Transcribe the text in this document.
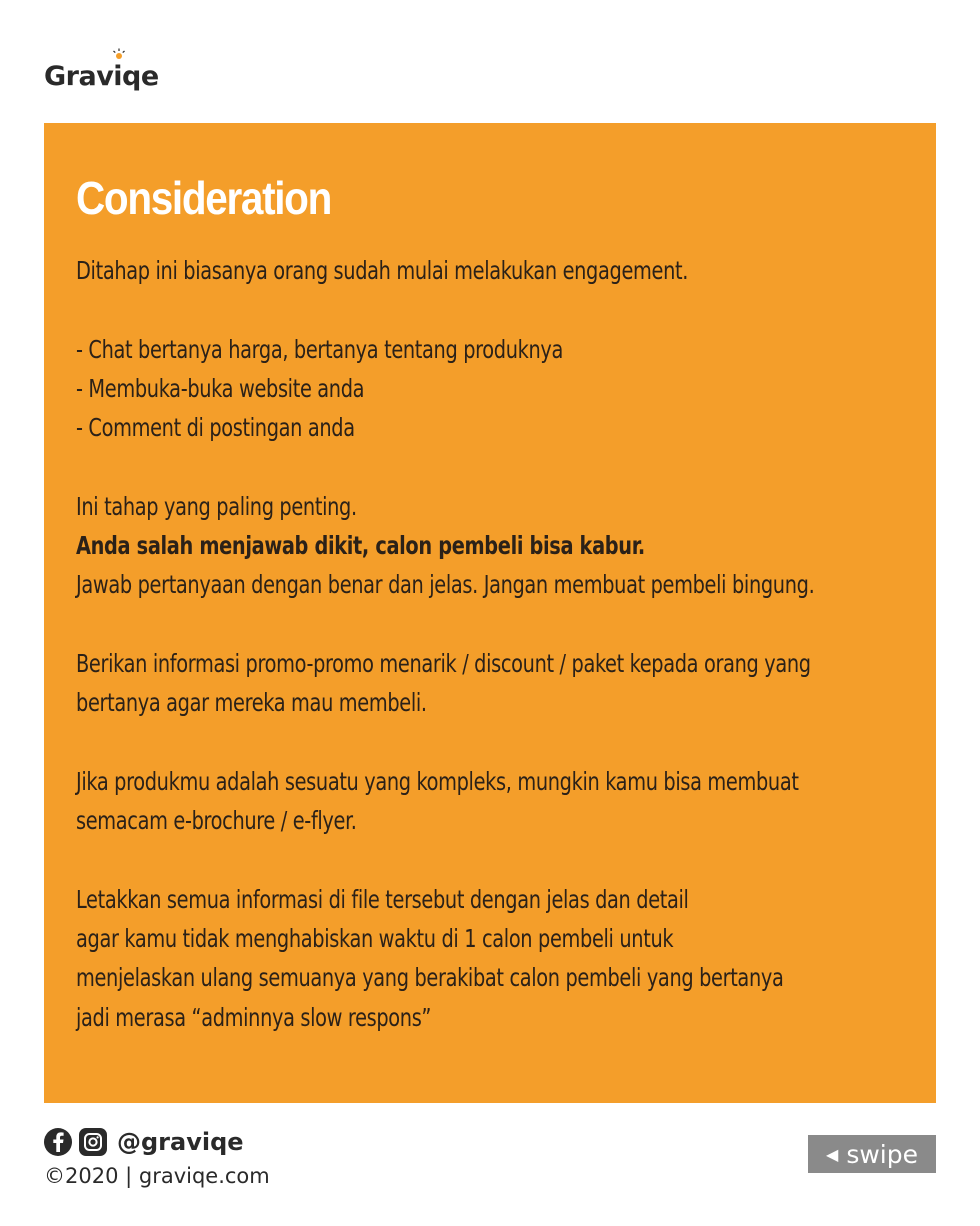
Graviqe
Consideration
Ditahap ini biasanya orang sudah mulai melakukan engagement.
- Chat bertanya harga, bertanya tentang produknya
- Membuka-buka website anda
- Comment di postingan anda
Ini tahap yang paling penting.
Anda salah menjawab dikit, calon pembeli bisa kabur.
Jawab pertanyaan dengan benar dan jelas. Jangan membuat pembeli bingung.
Berikan informasi promo-promo menarik / discount / paket kepada orang yang
bertanya agar mereka mau membeli.
Jika produkmu adalah sesuatu yang kompleks, mungkin kamu bisa membuat
semacam e-brochure / e-flyer.
Letakkan semua informasi di file tersebut dengan jelas dan detail
agar kamu tidak menghabiskan waktu di 1 calon pembeli untuk
menjelaskan ulang semuanya yang berakibat calon pembeli yang bertanya
jadi merasa “adminnya slow respons”
@graviqe
©2020 | graviqe.com
◀ swipe
